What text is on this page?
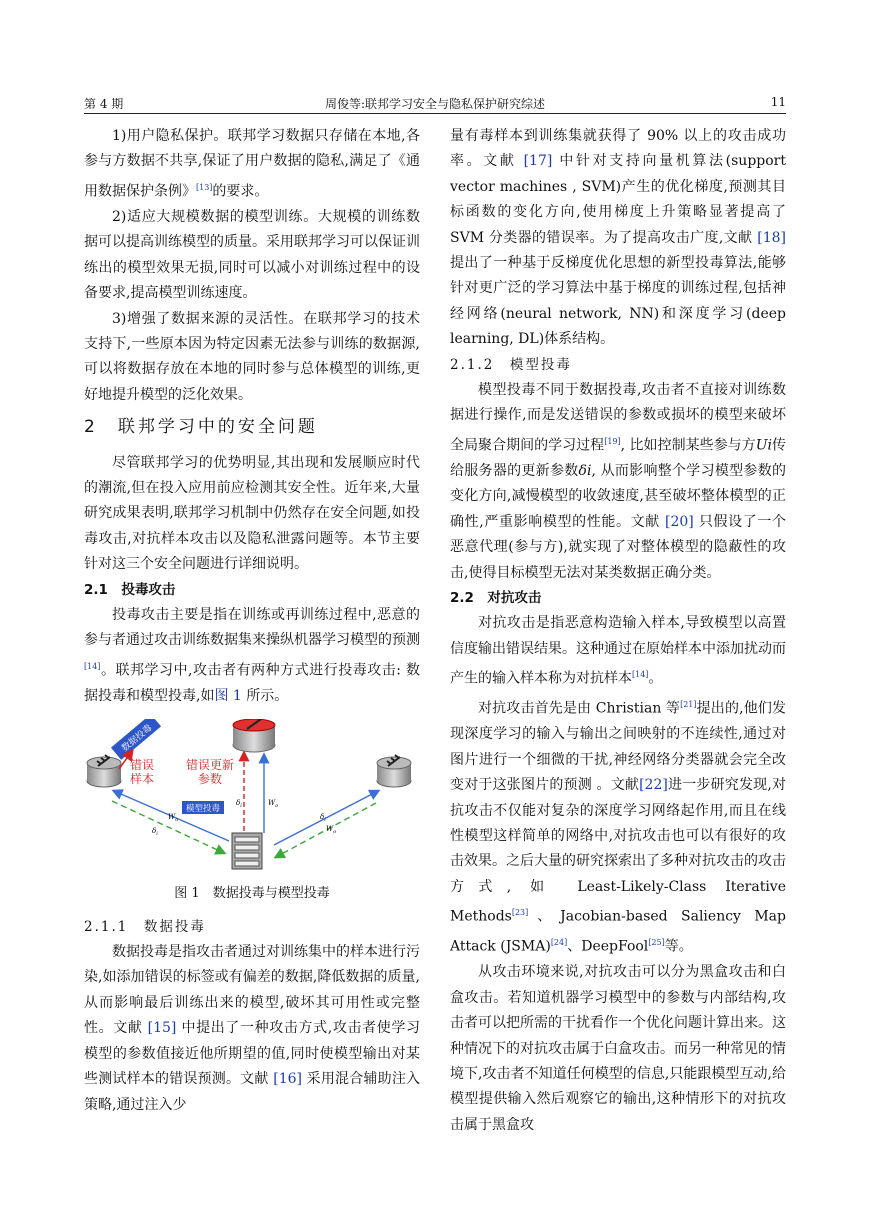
第 4 期	周俊等:联邦学习安全与隐私保护研究综述	11

1)用户隐私保护。联邦学习数据只存储在本地,各参与方数据不共享,保证了用户数据的隐私,满足了《通用数据保护条例》[13]的要求。

2)适应大规模数据的模型训练。大规模的训练数据可以提高训练模型的质量。采用联邦学习可以保证训练出的模型效果无损,同时可以减小对训练过程中的设备要求,提高模型训练速度。

3)增强了数据来源的灵活性。在联邦学习的技术支持下,一些原本因为特定因素无法参与训练的数据源,可以将数据存放在本地的同时参与总体模型的训练,更好地提升模型的泛化效果。

2　联邦学习中的安全问题

尽管联邦学习的优势明显,其出现和发展顺应时代的潮流,但在投入应用前应检测其安全性。近年来,大量研究成果表明,联邦学习机制中仍然存在安全问题,如投毒攻击,对抗样本攻击以及隐私泄露问题等。本节主要针对这三个安全问题进行详细说明。

2.1　投毒攻击

投毒攻击主要是指在训练或再训练过程中,恶意的参与者通过攻击训练数据集来操纵机器学习模型的预测[14]。联邦学习中,攻击者有两种方式进行投毒攻击: 数据投毒和模型投毒,如图 1 所示。

数据投毒
错误样本
错误更新参数
模型投毒
$\delta_i$	$W_o$
$W_o$
$\delta_i$
$\delta_i$
$W_o$
图 1　数据投毒与模型投毒
2.1.1　数据投毒

数据投毒是指攻击者通过对训练集中的样本进行污染,如添加错误的标签或有偏差的数据,降低数据的质量,从而影响最后训练出来的模型,破坏其可用性或完整性。文献 [15] 中提出了一种攻击方式,攻击者使学习模型的参数值接近他所期望的值,同时使模型输出对某些测试样本的错误预测。文献 [16] 采用混合辅助注入策略,通过注入少

量有毒样本到训练集就获得了 90% 以上的攻击成功率。文献 [17] 中针对支持向量机算法(support vector machines , SVM)产生的优化梯度,预测其目标函数的变化方向,使用梯度上升策略显著提高了 SVM 分类器的错误率。为了提高攻击广度,文献 [18] 提出了一种基于反梯度优化思想的新型投毒算法,能够针对更广泛的学习算法中基于梯度的训练过程,包括神经网络(neural network, NN)和深度学习(deep learning, DL)体系结构。

2.1.2　模型投毒

模型投毒不同于数据投毒,攻击者不直接对训练数据进行操作,而是发送错误的参数或损坏的模型来破坏全局聚合期间的学习过程[19], 比如控制某些参与方Ui传给服务器的更新参数δi, 从而影响整个学习模型参数的变化方向,减慢模型的收敛速度,甚至破坏整体模型的正确性,严重影响模型的性能。文献 [20] 只假设了一个恶意代理(参与方),就实现了对整体模型的隐蔽性的攻击,使得目标模型无法对某类数据正确分类。

2.2　对抗攻击

对抗攻击是指恶意构造输入样本,导致模型以高置信度输出错误结果。这种通过在原始样本中添加扰动而产生的输入样本称为对抗样本[14]。

对抗攻击首先是由 Christian 等[21]提出的,他们发现深度学习的输入与输出之间映射的不连续性,通过对图片进行一个细微的干扰,神经网络分类器就会完全改变对于这张图片的预测 。文献[22]进一步研究发现,对抗攻击不仅能对复杂的深度学习网络起作用,而且在线性模型这样简单的网络中,对抗攻击也可以有很好的攻击效果。之后大量的研究探索出了多种对抗攻击的攻击方式, 如 Least-Likely-Class Iterative Methods[23]、Jacobian-based Saliency Map Attack (JSMA)[24]、DeepFool[25]等。

从攻击环境来说,对抗攻击可以分为黑盒攻击和白盒攻击。若知道机器学习模型中的参数与内部结构,攻击者可以把所需的干扰看作一个优化问题计算出来。这种情况下的对抗攻击属于白盒攻击。而另一种常见的情境下,攻击者不知道任何模型的信息,只能跟模型互动,给模型提供输入然后观察它的输出,这种情形下的对抗攻击属于黑盒攻
